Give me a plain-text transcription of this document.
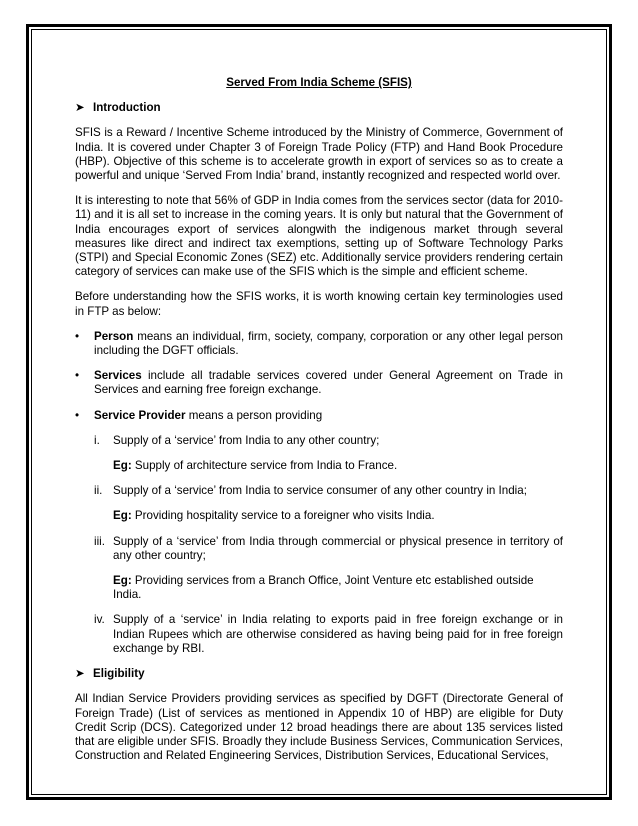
Served From India Scheme (SFIS)
➤ Introduction

SFIS is a Reward / Incentive Scheme introduced by the Ministry of Commerce, Government of India. It is covered under Chapter 3 of Foreign Trade Policy (FTP) and Hand Book Procedure (HBP). Objective of this scheme is to accelerate growth in export of services so as to create a powerful and unique ‘Served From India’ brand, instantly recognized and respected world over.

It is interesting to note that 56% of GDP in India comes from the services sector (data for 2010-11) and it is all set to increase in the coming years. It is only but natural that the Government of India encourages export of services alongwith the indigenous market through several measures like direct and indirect tax exemptions, setting up of Software Technology Parks (STPI) and Special Economic Zones (SEZ) etc. Additionally service providers rendering certain category of services can make use of the SFIS which is the simple and efficient scheme.

Before understanding how the SFIS works, it is worth knowing certain key terminologies used in FTP as below:

•	Person means an individual, firm, society, company, corporation or any other legal person including the DGFT officials.
•	Services include all tradable services covered under General Agreement on Trade in Services and earning free foreign exchange.
•	Service Provider means a person providing
i.	Supply of a ‘service’ from India to any other country;
Eg: Supply of architecture service from India to France.
ii. Supply of a ‘service’ from India to service consumer of any other country in India;
Eg: Providing hospitality service to a foreigner who visits India.
iii. Supply of a ‘service’ from India through commercial or physical presence in territory of any other country;
Eg: Providing services from a Branch Office, Joint Venture etc established outside India.
iv. Supply of a ‘service’ in India relating to exports paid in free foreign exchange or in Indian Rupees which are otherwise considered as having being paid for in free foreign exchange by RBI.
➤ Eligibility

All Indian Service Providers providing services as specified by DGFT (Directorate General of Foreign Trade) (List of services as mentioned in Appendix 10 of HBP) are eligible for Duty Credit Scrip (DCS). Categorized under 12 broad headings there are about 135 services listed that are eligible under SFIS. Broadly they include Business Services, Communication Services, Construction and Related Engineering Services, Distribution Services, Educational Services,
